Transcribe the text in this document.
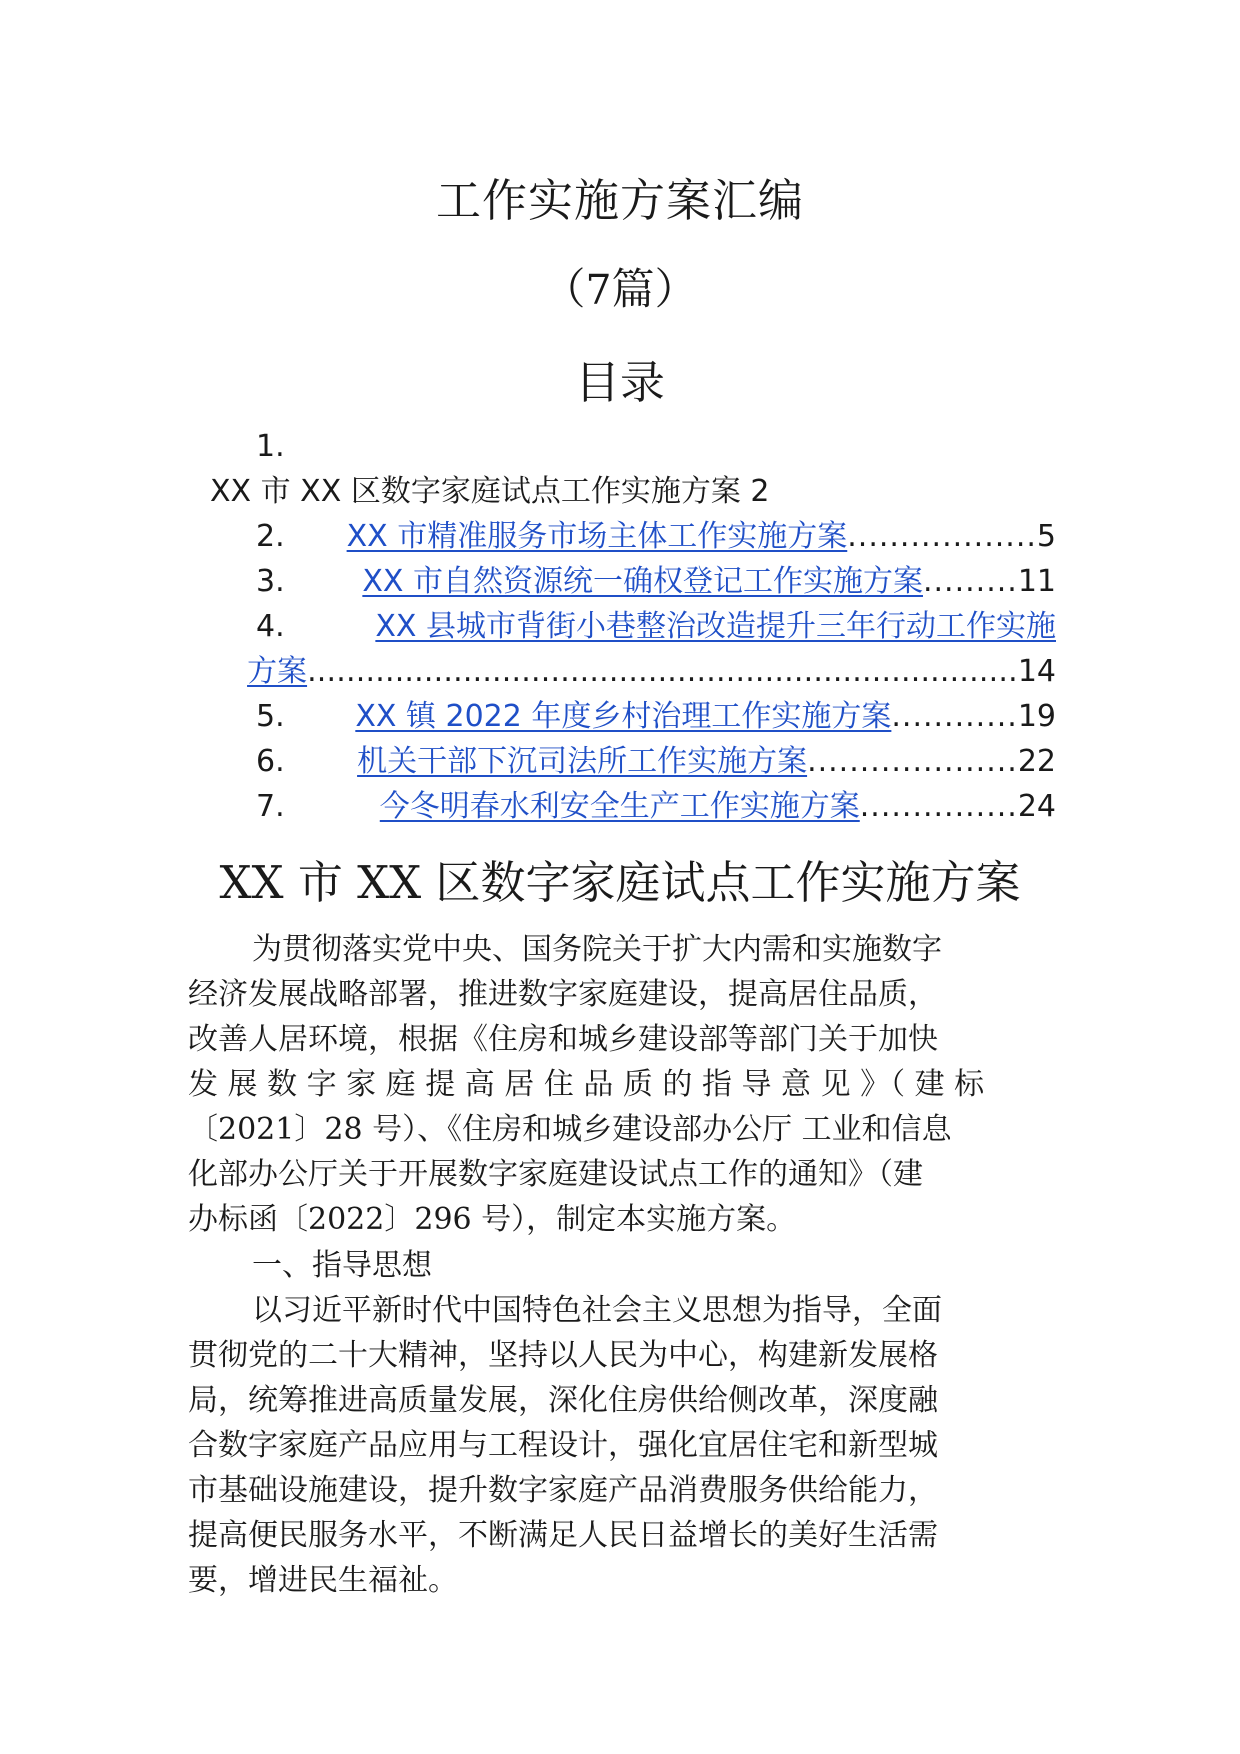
工作实施方案汇编
（7篇）
目录
1.
XX 市 XX 区数字家庭试点工作实施方案 2
2.	XX 市精准服务市场主体工作实施方案..................5
3.	XX 市自然资源统一确权登记工作实施方案.........11
4.	XX 县城市背街小巷整治改造提升三年行动工作实施
方案.........................................................................14
5.	XX 镇 2022 年度乡村治理工作实施方案............19
6.	机关干部下沉司法所工作实施方案....................22
7.	今冬明春水利安全生产工作实施方案...............24
XX 市 XX 区数字家庭试点工作实施方案
为贯彻落实党中央、国务院关于扩大内需和实施数字
经济发展战略部署，推进数字家庭建设，提高居住品质，
改善人居环境，根据《住房和城乡建设部等部门关于加快
发 展 数 字 家 庭 提 高 居 住 品 质 的 指 导 意 见 》（ 建 标
〔2021〕28 号）、《住房和城乡建设部办公厅 工业和信息
化部办公厅关于开展数字家庭建设试点工作的通知》（建
办标函〔2022〕296 号），制定本实施方案。
一、指导思想
以习近平新时代中国特色社会主义思想为指导，全面
贯彻党的二十大精神，坚持以人民为中心，构建新发展格
局，统筹推进高质量发展，深化住房供给侧改革，深度融
合数字家庭产品应用与工程设计，强化宜居住宅和新型城
市基础设施建设，提升数字家庭产品消费服务供给能力，
提高便民服务水平，不断满足人民日益增长的美好生活需
要，增进民生福祉。
